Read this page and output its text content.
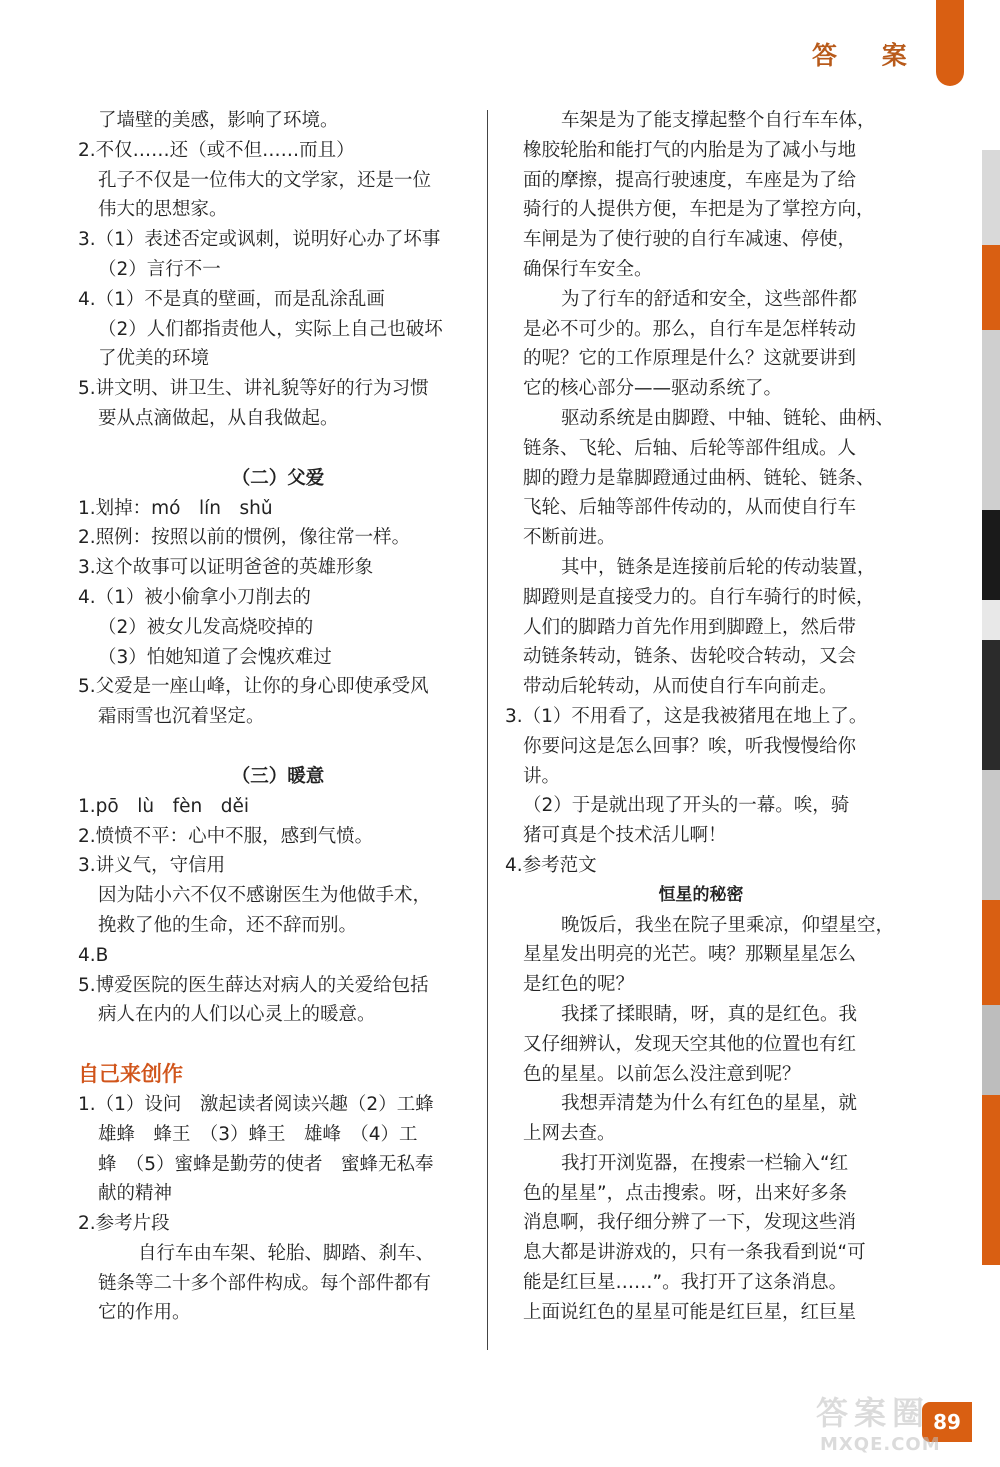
答 案
了墙壁的美感，影响了环境。
2.不仅……还（或不但……而且）
孔子不仅是一位伟大的文学家，还是一位
伟大的思想家。
3.（1）表述否定或讽刺，说明好心办了坏事
（2）言行不一
4.（1）不是真的壁画，而是乱涂乱画
（2）人们都指责他人，实际上自己也破坏
了优美的环境
5.讲文明、讲卫生、讲礼貌等好的行为习惯
要从点滴做起，从自我做起。
（二）父爱
1.划掉：mó　lín　shǔ
2.照例：按照以前的惯例，像往常一样。
3.这个故事可以证明爸爸的英雄形象
4.（1）被小偷拿小刀削去的
（2）被女儿发高烧咬掉的
（3）怕她知道了会愧疚难过
5.父爱是一座山峰，让你的身心即使承受风
霜雨雪也沉着坚定。
（三）暖意
1.pō　lù　fèn　děi
2.愤愤不平：心中不服，感到气愤。
3.讲义气，守信用
因为陆小六不仅不感谢医生为他做手术，
挽救了他的生命，还不辞而别。
4.B
5.博爱医院的医生薛达对病人的关爱给包括
病人在内的人们以心灵上的暖意。
自己来创作
1.（1）设问　激起读者阅读兴趣（2）工蜂
雄蜂　蜂王　（3）蜂王　雄峰　（4）工
蜂　（5）蜜蜂是勤劳的使者　蜜蜂无私奉
献的精神
2.参考片段
自行车由车架、轮胎、脚踏、刹车、
链条等二十多个部件构成。每个部件都有
它的作用。
车架是为了能支撑起整个自行车车体，
橡胶轮胎和能打气的内胎是为了减小与地
面的摩擦，提高行驶速度，车座是为了给
骑行的人提供方便，车把是为了掌控方向，
车闸是为了使行驶的自行车减速、停使，
确保行车安全。
为了行车的舒适和安全，这些部件都
是必不可少的。那么，自行车是怎样转动
的呢？它的工作原理是什么？这就要讲到
它的核心部分——驱动系统了。
驱动系统是由脚蹬、中轴、链轮、曲柄、
链条、飞轮、后轴、后轮等部件组成。人
脚的蹬力是靠脚蹬通过曲柄、链轮、链条、
飞轮、后轴等部件传动的，从而使自行车
不断前进。
其中，链条是连接前后轮的传动装置，
脚蹬则是直接受力的。自行车骑行的时候，
人们的脚踏力首先作用到脚蹬上，然后带
动链条转动，链条、齿轮咬合转动，又会
带动后轮转动，从而使自行车向前走。
3.（1）不用看了，这是我被猪甩在地上了。
你要问这是怎么回事？唉，听我慢慢给你
讲。
（2）于是就出现了开头的一幕。唉，骑
猪可真是个技术活儿啊！
4.参考范文
恒星的秘密
晚饭后，我坐在院子里乘凉，仰望星空，
星星发出明亮的光芒。咦？那颗星星怎么
是红色的呢？
我揉了揉眼睛，呀，真的是红色。我
又仔细辨认，发现天空其他的位置也有红
色的星星。以前怎么没注意到呢？
我想弄清楚为什么有红色的星星，就
上网去查。
我打开浏览器，在搜索一栏输入“红
色的星星”，点击搜索。呀，出来好多条
消息啊，我仔细分辨了一下，发现这些消
息大都是讲游戏的，只有一条我看到说“可
能是红巨星……”。我打开了这条消息。
上面说红色的星星可能是红巨星，红巨星
89
答案圈
MXQE.COM
